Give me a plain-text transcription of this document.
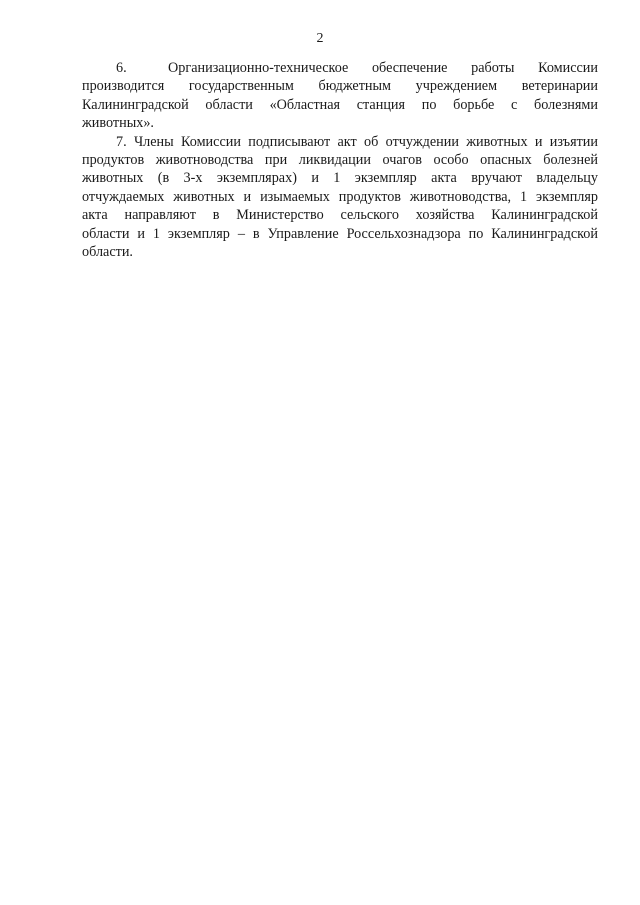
2

6.       Организационно-техническое    обеспечение    работы    Комиссии
производится государственным бюджетным учреждением ветеринарии
Калининградской области «Областная станция по борьбе с болезнями
животных».

7. Члены Комиссии подписывают акт об отчуждении животных и изъятии
продуктов животноводства при ликвидации очагов особо опасных болезней
животных (в 3-х экземплярах) и 1 экземпляр акта вручают владельцу
отчуждаемых животных и изымаемых продуктов животноводства, 1 экземпляр
акта направляют в Министерство сельского хозяйства Калининградской
области и 1 экземпляр – в Управление Россельхознадзора по Калининградской
области.
